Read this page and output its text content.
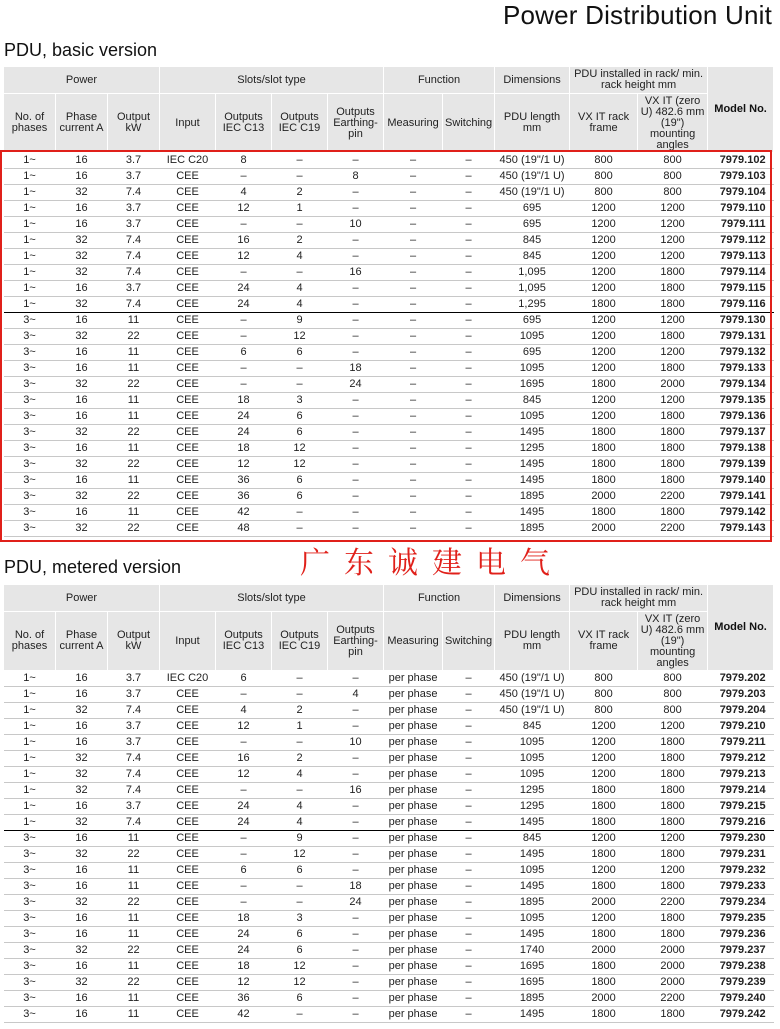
Power Distribution Unit
PDU, basic version
PDU, metered version	广东诚建电气
Power			Slots/slot type				Function		Dimensions	PDU installed in rack/ min. rack height mm		Model No.
No. of phases	Phase current A	Output kW	Input	Outputs IEC C13	Outputs IEC C19	Outputs Earthing-pin	Measuring	Switching	PDU length mm	VX IT rack frame	VX IT (zero U) 482.6 mm (19") mounting angles	
1~	16	3.7	IEC C20	8	–	–	–	–	450 (19"/1 U)	800	800	7979.102
1~	16	3.7	CEE	–	–	8	–	–	450 (19"/1 U)	800	800	7979.103
1~	32	7.4	CEE	4	2	–	–	–	450 (19"/1 U)	800	800	7979.104
1~	16	3.7	CEE	12	1	–	–	–	695	1200	1200	7979.110
1~	16	3.7	CEE	–	–	10	–	–	695	1200	1200	7979.111
1~	32	7.4	CEE	16	2	–	–	–	845	1200	1200	7979.112
1~	32	7.4	CEE	12	4	–	–	–	845	1200	1200	7979.113
1~	32	7.4	CEE	–	–	16	–	–	1,095	1200	1800	7979.114
1~	16	3.7	CEE	24	4	–	–	–	1,095	1200	1800	7979.115
1~	32	7.4	CEE	24	4	–	–	–	1,295	1800	1800	7979.116
3~	16	11	CEE	–	9	–	–	–	695	1200	1200	7979.130
3~	32	22	CEE	–	12	–	–	–	1095	1200	1800	7979.131
3~	16	11	CEE	6	6	–	–	–	695	1200	1200	7979.132
3~	16	11	CEE	–	–	18	–	–	1095	1200	1800	7979.133
3~	32	22	CEE	–	–	24	–	–	1695	1800	2000	7979.134
3~	16	11	CEE	18	3	–	–	–	845	1200	1200	7979.135
3~	16	11	CEE	24	6	–	–	–	1095	1200	1800	7979.136
3~	32	22	CEE	24	6	–	–	–	1495	1800	1800	7979.137
3~	16	11	CEE	18	12	–	–	–	1295	1800	1800	7979.138
3~	32	22	CEE	12	12	–	–	–	1495	1800	1800	7979.139
3~	16	11	CEE	36	6	–	–	–	1495	1800	1800	7979.140
3~	32	22	CEE	36	6	–	–	–	1895	2000	2200	7979.141
3~	16	11	CEE	42	–	–	–	–	1495	1800	1800	7979.142
3~	32	22	CEE	48	–	–	–	–	1895	2000	2200	7979.143
Power			Slots/slot type				Function		Dimensions	PDU installed in rack/ min. rack height mm		Model No.
No. of phases	Phase current A	Output kW	Input	Outputs IEC C13	Outputs IEC C19	Outputs Earthing-pin	Measuring	Switching	PDU length mm	VX IT rack frame	VX IT (zero U) 482.6 mm (19") mounting angles	
1~	16	3.7	IEC C20	6	–	–	per phase	–	450 (19"/1 U)	800	800	7979.202
1~	16	3.7	CEE	–	–	4	per phase	–	450 (19"/1 U)	800	800	7979.203
1~	32	7.4	CEE	4	2	–	per phase	–	450 (19"/1 U)	800	800	7979.204
1~	16	3.7	CEE	12	1	–	per phase	–	845	1200	1200	7979.210
1~	16	3.7	CEE	–	–	10	per phase	–	1095	1200	1800	7979.211
1~	32	7.4	CEE	16	2	–	per phase	–	1095	1200	1800	7979.212
1~	32	7.4	CEE	12	4	–	per phase	–	1095	1200	1800	7979.213
1~	32	7.4	CEE	–	–	16	per phase	–	1295	1800	1800	7979.214
1~	16	3.7	CEE	24	4	–	per phase	–	1295	1800	1800	7979.215
1~	32	7.4	CEE	24	4	–	per phase	–	1495	1800	1800	7979.216
3~	16	11	CEE	–	9	–	per phase	–	845	1200	1200	7979.230
3~	32	22	CEE	–	12	–	per phase	–	1495	1800	1800	7979.231
3~	16	11	CEE	6	6	–	per phase	–	1095	1200	1200	7979.232
3~	16	11	CEE	–	–	18	per phase	–	1495	1800	1800	7979.233
3~	32	22	CEE	–	–	24	per phase	–	1895	2000	2200	7979.234
3~	16	11	CEE	18	3	–	per phase	–	1095	1200	1800	7979.235
3~	16	11	CEE	24	6	–	per phase	–	1495	1800	1800	7979.236
3~	32	22	CEE	24	6	–	per phase	–	1740	2000	2000	7979.237
3~	16	11	CEE	18	12	–	per phase	–	1695	1800	2000	7979.238
3~	32	22	CEE	12	12	–	per phase	–	1695	1800	2000	7979.239
3~	16	11	CEE	36	6	–	per phase	–	1895	2000	2200	7979.240
3~	16	11	CEE	42	–	–	per phase	–	1495	1800	1800	7979.242
